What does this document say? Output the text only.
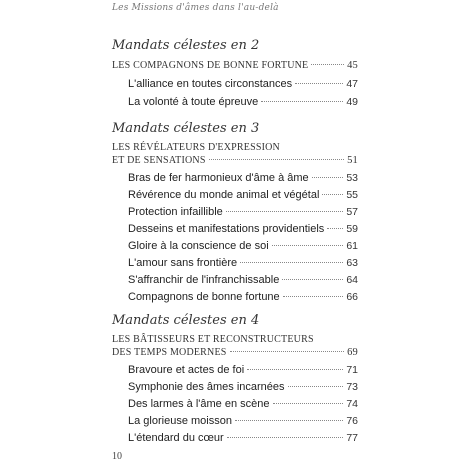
Les Missions d'âmes dans l'au-delà
Mandats célestes en 2
LES COMPAGNONS DE BONNE FORTUNE	45
L'alliance en toutes circonstances	47
La volonté à toute épreuve	49
Mandats célestes en 3
LES RÉVÉLATEURS D'EXPRESSION
ET DE SENSATIONS	51
Bras de fer harmonieux d'âme à âme	53
Révérence du monde animal et végétal	55
Protection infaillible	57
Desseins et manifestations providentiels 59
Gloire à la conscience de soi	61
L'amour sans frontière	63
S'affranchir de l'infranchissable	64
Compagnons de bonne fortune	66
Mandats célestes en 4
LES BÂTISSEURS ET RECONSTRUCTEURS
DES TEMPS MODERNES	69
Bravoure et actes de foi	71
Symphonie des âmes incarnées	73
Des larmes à l'âme en scène	74
La glorieuse moisson	76
L'étendard du cœur	77
10
